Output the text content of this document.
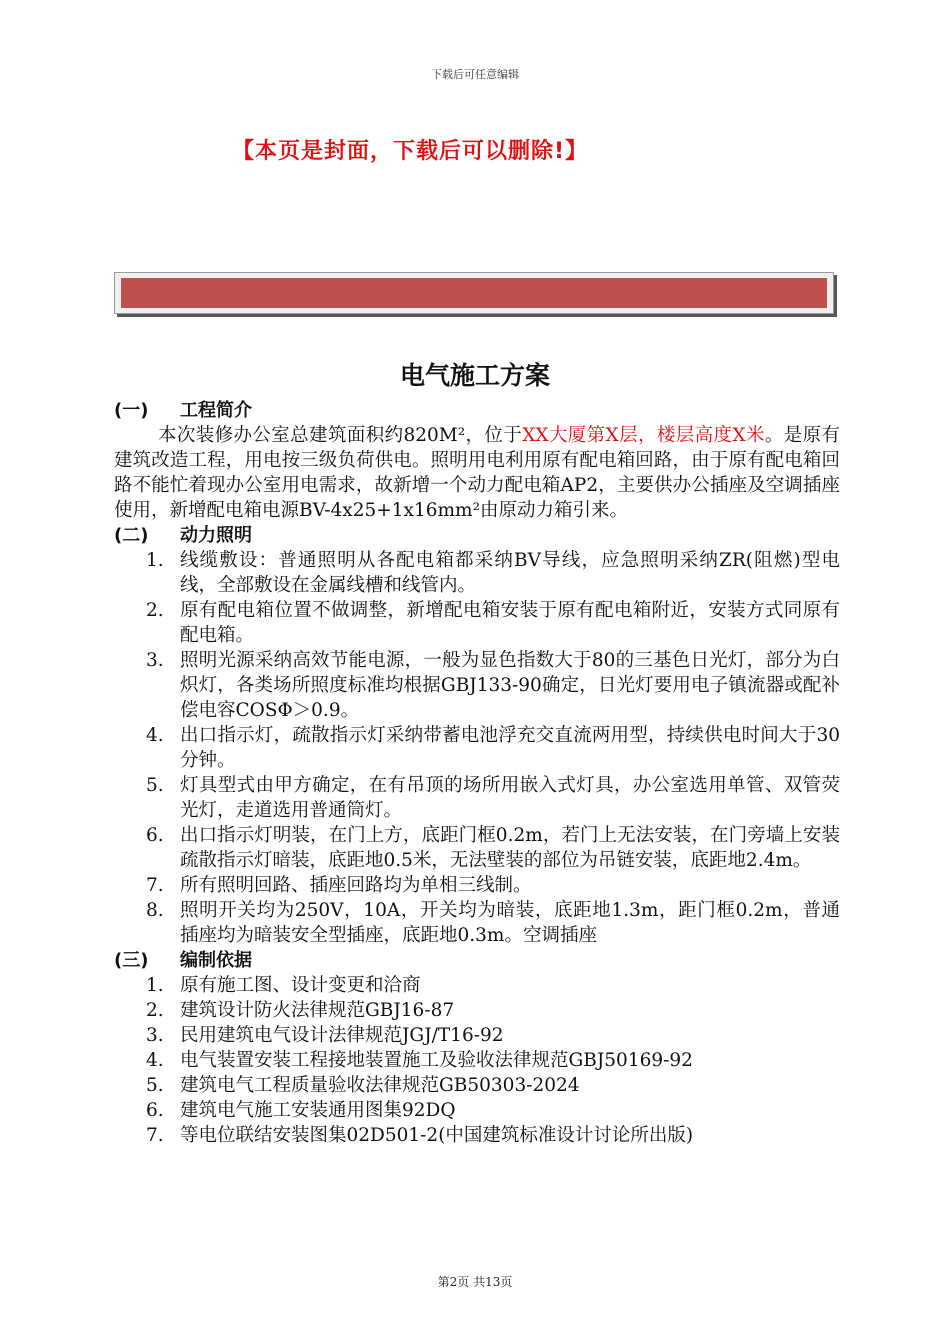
下载后可任意编辑
【本页是封面，下载后可以删除!】
电气施工方案
(一) 工程简介
本次装修办公室总建筑面积约820M²，位于XX大厦第X层，楼层高度X米。是原有建筑改造工程，用电按三级负荷供电。照明用电利用原有配电箱回路，由于原有配电箱回路不能忙着现办公室用电需求，故新增一个动力配电箱AP2，主要供办公插座及空调插座使用，新增配电箱电源BV-4x25+1x16mm²由原动力箱引来。
(二) 动力照明
1. 线缆敷设：普通照明从各配电箱都采纳BV导线，应急照明采纳ZR(阻燃)型电线，全部敷设在金属线槽和线管内。
2. 原有配电箱位置不做调整，新增配电箱安装于原有配电箱附近，安装方式同原有配电箱。
3. 照明光源采纳高效节能电源，一般为显色指数大于80的三基色日光灯，部分为白炽灯，各类场所照度标准均根据GBJ133-90确定，日光灯要用电子镇流器或配补偿电容COSΦ＞0.9。
4. 出口指示灯，疏散指示灯采纳带蓄电池浮充交直流两用型，持续供电时间大于30分钟。
5. 灯具型式由甲方确定，在有吊顶的场所用嵌入式灯具，办公室选用单管、双管荧光灯，走道选用普通筒灯。
6. 出口指示灯明装，在门上方，底距门框0.2m，若门上无法安装，在门旁墙上安装疏散指示灯暗装，底距地0.5米，无法壁装的部位为吊链安装，底距地2.4m。
7. 所有照明回路、插座回路均为单相三线制。
8. 照明开关均为250V，10A，开关均为暗装，底距地1.3m，距门框0.2m，普通插座均为暗装安全型插座，底距地0.3m。空调插座
(三) 编制依据
1. 原有施工图、设计变更和洽商
2. 建筑设计防火法律规范GBJ16-87
3. 民用建筑电气设计法律规范JGJ/T16-92
4. 电气装置安装工程接地装置施工及验收法律规范GBJ50169-92
5. 建筑电气工程质量验收法律规范GB50303-2024
6. 建筑电气施工安装通用图集92DQ
7. 等电位联结安装图集02D501-2(中国建筑标准设计讨论所出版)
第2页 共13页
